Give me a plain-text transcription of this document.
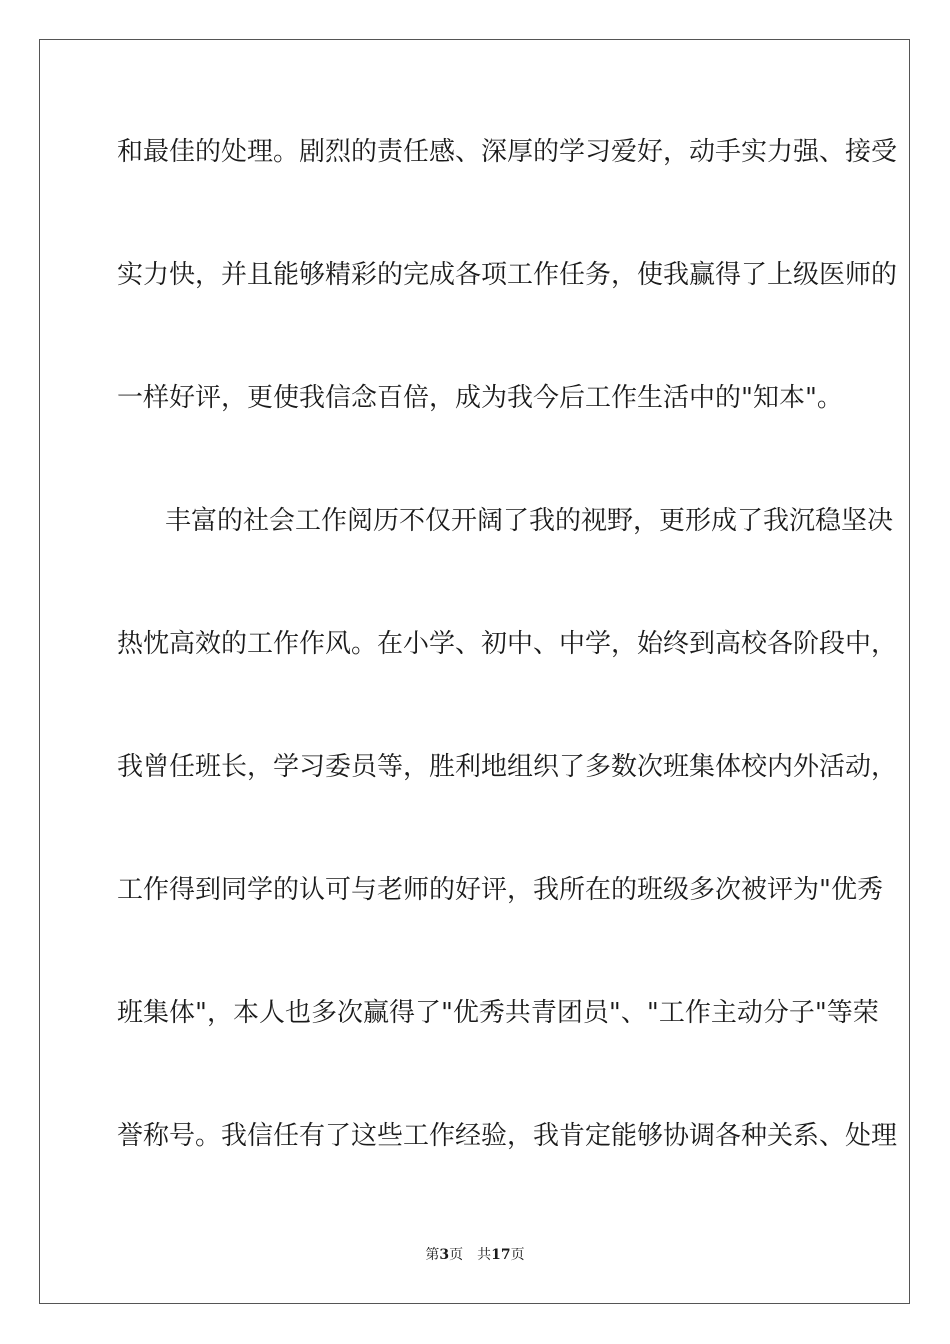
和最佳的处理。剧烈的责任感、深厚的学习爱好，动手实力强、接受
实力快，并且能够精彩的完成各项工作任务，使我赢得了上级医师的
一样好评，更使我信念百倍，成为我今后工作生活中的"知本"。
丰富的社会工作阅历不仅开阔了我的视野，更形成了我沉稳坚决
热忱高效的工作作风。在小学、初中、中学，始终到高校各阶段中，
我曾任班长，学习委员等，胜利地组织了多数次班集体校内外活动，
工作得到同学的认可与老师的好评，我所在的班级多次被评为"优秀
班集体"，本人也多次赢得了"优秀共青团员"、"工作主动分子"等荣
誉称号。我信任有了这些工作经验，我肯定能够协调各种关系、处理
第3页 共17页
